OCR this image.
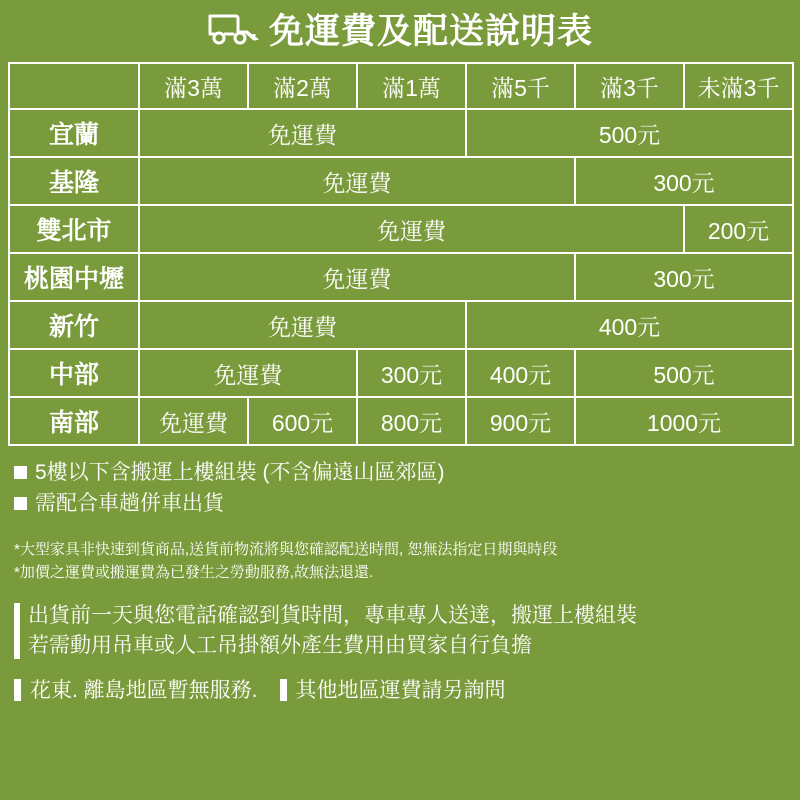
免運費及配送說明表
	滿3萬	滿2萬	滿1萬	滿5千	滿3千	未滿3千
宜蘭	免運費			500元		
基隆	免運費				300元	
雙北市	免運費					200元
桃園中壢	免運費				300元	
新竹	免運費			400元		
中部	免運費		300元	400元	500元	
南部	免運費	600元	800元	900元	1000元	
5樓以下含搬運上樓組裝 (不含偏遠山區郊區)
需配合車趟併車出貨
*大型家具非快速到貨商品,送貨前物流將與您確認配送時間, 恕無法指定日期與時段
*加價之運費或搬運費為已發生之勞動服務,故無法退還.
出貨前一天與您電話確認到貨時間，專車專人送達，搬運上樓組裝
若需動用吊車或人工吊掛額外產生費用由買家自行負擔
花東. 離島地區暫無服務. 其他地區運費請另詢問
